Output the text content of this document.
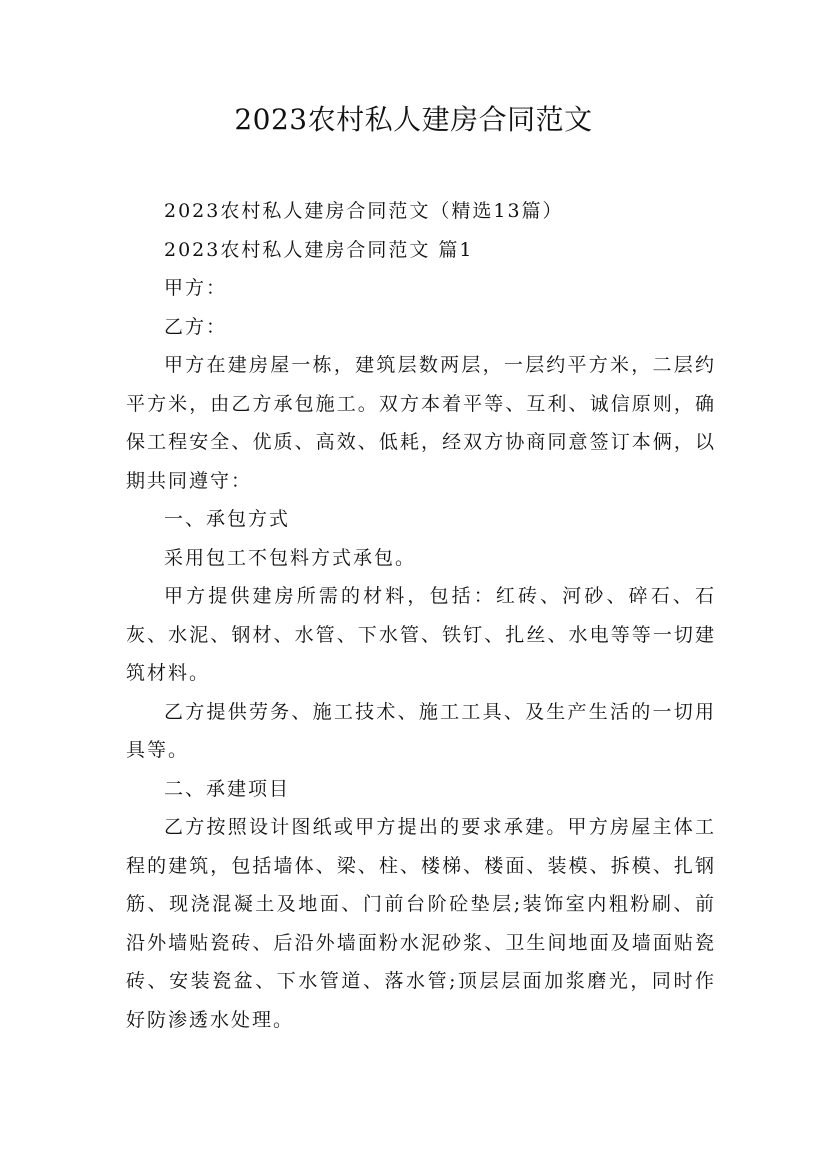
2023农村私人建房合同范文

2023农村私人建房合同范文（精选13篇）

2023农村私人建房合同范文 篇1

甲方：

乙方：

甲方在建房屋一栋，建筑层数两层，一层约平方米，二层约平方米，由乙方承包施工。双方本着平等、互利、诚信原则，确保工程安全、优质、高效、低耗，经双方协商同意签订本俩，以期共同遵守：

一、承包方式

采用包工不包料方式承包。

甲方提供建房所需的材料，包括：红砖、河砂、碎石、石灰、水泥、钢材、水管、下水管、铁钉、扎丝、水电等等一切建筑材料。

乙方提供劳务、施工技术、施工工具、及生产生活的一切用具等。

二、承建项目

乙方按照设计图纸或甲方提出的要求承建。甲方房屋主体工程的建筑，包括墙体、梁、柱、楼梯、楼面、装模、拆模、扎钢筋、现浇混凝土及地面、门前台阶砼垫层;装饰室内粗粉刷、前沿外墙贴瓷砖、后沿外墙面粉水泥砂浆、卫生间地面及墙面贴瓷砖、安装瓷盆、下水管道、落水管;顶层层面加浆磨光，同时作好防渗透水处理。
